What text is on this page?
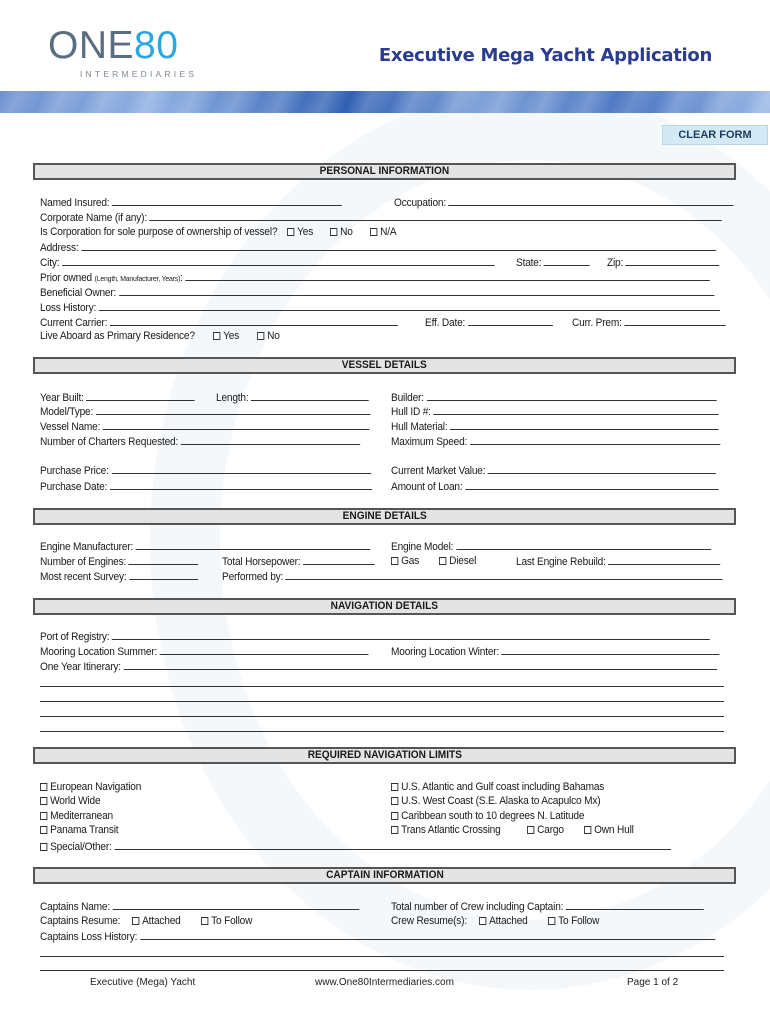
ONE80
INTERMEDIARIES
Executive Mega Yacht Application
CLEAR FORM
PERSONAL INFORMATION
Named Insured:	Occupation:
Corporate Name (if any):
Is Corporation for sole purpose of ownership of vessel?	Yes	No	N/A
Address:
City:	State:	Zip:
Prior owned (Length, Manufacturer, Years):
Beneficial Owner:
Loss History:
Current Carrier:	Eff. Date:	Curr. Prem:
Live Aboard as Primary Residence?	Yes	No
VESSEL DETAILS
Year Built:	Length:	Builder:
Model/Type:	Hull ID #:
Vessel Name:	Hull Material:
Number of Charters Requested:	Maximum Speed:
Purchase Price:	Current Market Value:
Purchase Date:	Amount of Loan:
ENGINE DETAILS
Engine Manufacturer:	Engine Model:
Number of Engines:	Total Horsepower:	Gas	Diesel	Last Engine Rebuild:
Most recent Survey:	Performed by:
NAVIGATION DETAILS
Port of Registry:
Mooring Location Summer:	Mooring Location Winter:
One Year Itinerary:
REQUIRED NAVIGATION LIMITS
European Navigation
World Wide
Mediterranean
Panama Transit
Special/Other:
U.S. Atlantic and Gulf coast including Bahamas
U.S. West Coast (S.E. Alaska to Acapulco Mx)
Caribbean south to 10 degrees N. Latitude
Trans Atlantic Crossing	Cargo	Own Hull
CAPTAIN INFORMATION
Captains Name:	Total number of Crew including Captain:
Captains Resume:	Attached	To Follow	Crew Resume(s):	Attached	To Follow
Captains Loss History:
Executive (Mega) Yacht	www.One80Intermediaries.com	Page 1 of 2
